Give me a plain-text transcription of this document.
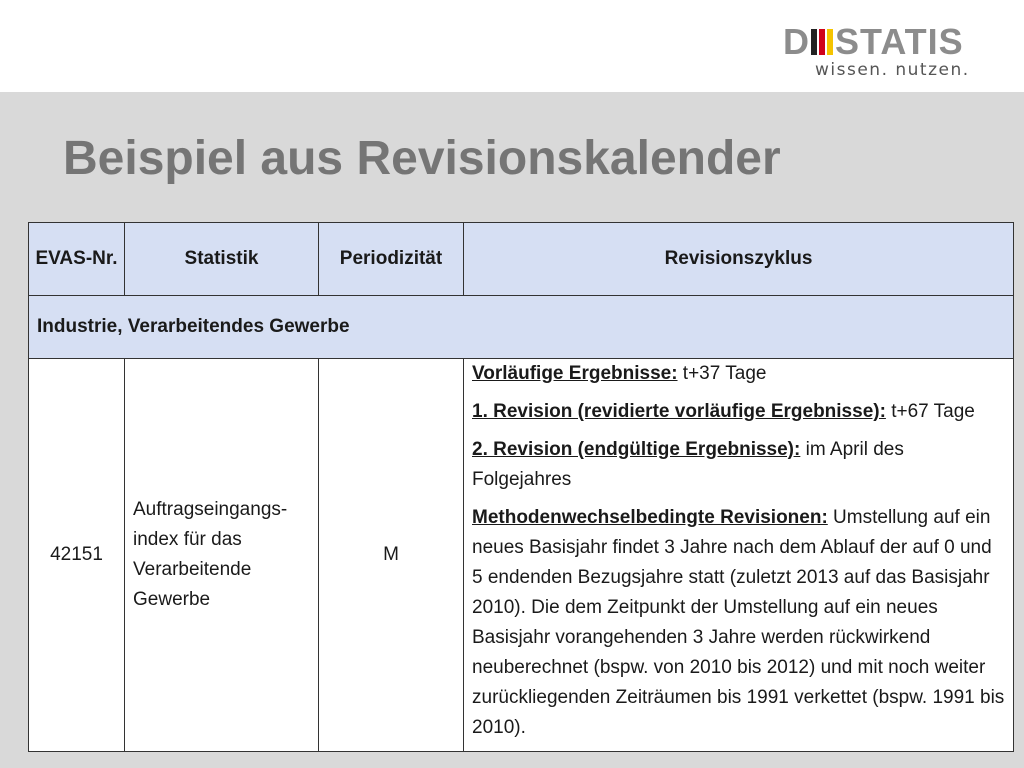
D STATIS
wissen. nutzen.
Beispiel aus Revisionskalender
EVAS-Nr.	Statistik	Periodizität	Revisionszyklus
Industrie, Verarbeitendes Gewerbe			
42151	Auftragseingangs-index für das Verarbeitende Gewerbe	M	Vorläufige Ergebnisse: t+37 Tage
1. Revision (revidierte vorläufige Ergebnisse): t+67 Tage
2. Revision (endgültige Ergebnisse): im April des Folgejahres
Methodenwechselbedingte Revisionen: Umstellung auf ein neues Basisjahr findet 3 Jahre nach dem Ablauf der auf 0 und 5 endenden Bezugsjahre statt (zuletzt 2013 auf das Basisjahr 2010). Die dem Zeitpunkt der Umstellung auf ein neues Basisjahr vorangehenden 3 Jahre werden rückwirkend neuberechnet (bspw. von 2010 bis 2012) und mit noch weiter zurückliegenden Zeiträumen bis 1991 verkettet (bspw. 1991 bis 2010).
